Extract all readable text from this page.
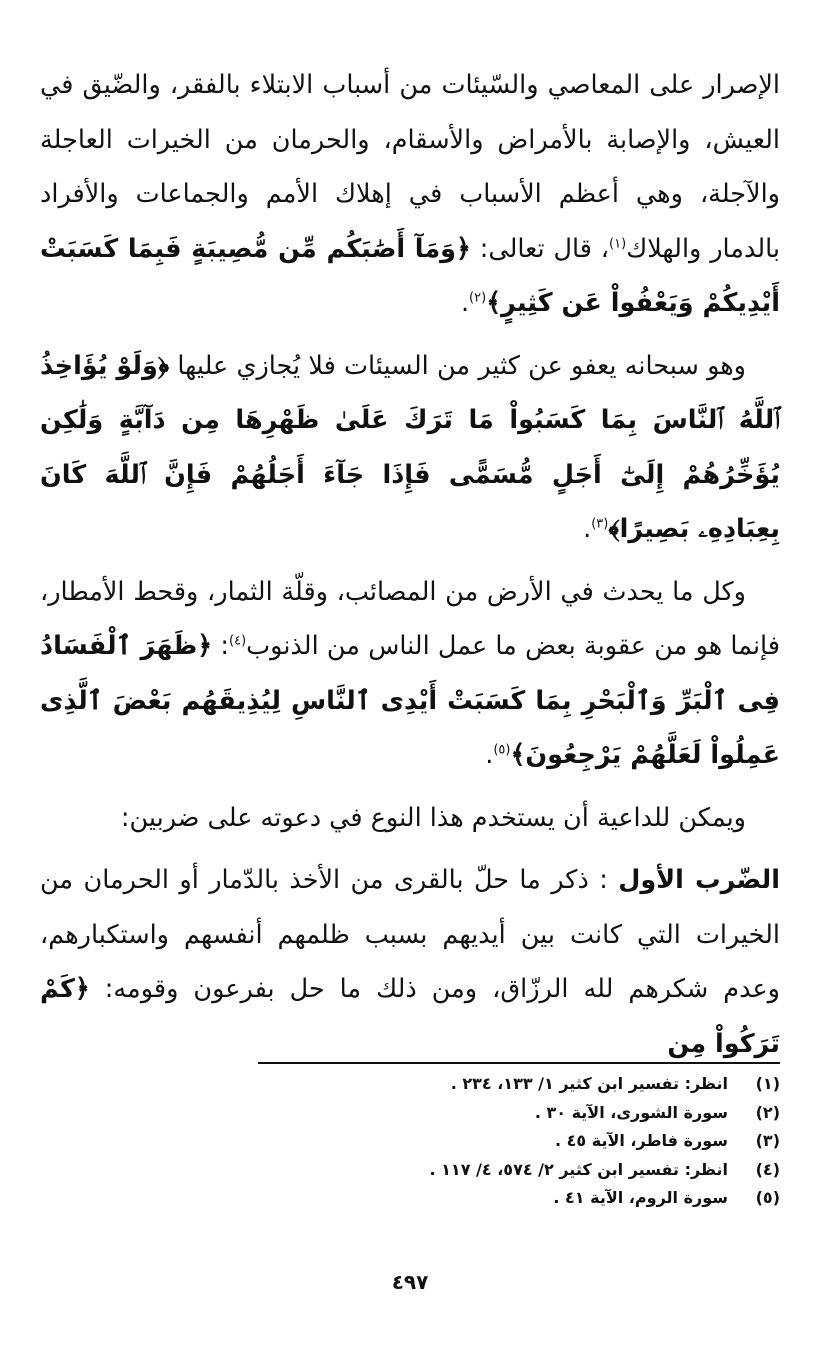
الإصرار على المعاصي والسّيئات من أسباب الابتلاء بالفقر، والضّيق في العيش، والإصابة بالأمراض والأسقام، والحرمان من الخيرات العاجلة والآجلة، وهي أعظم الأسباب في إهلاك الأمم والجماعات والأفراد بالدمار والهلاك$^{(١)}$، قال تعالى: ﴿وَمَآ أَصَٰبَكُم مِّن مُّصِيبَةٍ فَبِمَا كَسَبَتْ أَيْدِيكُمْ وَيَعْفُواْ عَن كَثِيرٍ﴾$^{(٢)}$.

وهو سبحانه يعفو عن كثير من السيئات فلا يُجازي عليها ﴿وَلَوْ يُؤَاخِذُ ٱللَّهُ ٱلنَّاسَ بِمَا كَسَبُواْ مَا تَرَكَ عَلَىٰ ظَهْرِهَا مِن دَآبَّةٍ وَلَٰكِن يُؤَخِّرُهُمْ إِلَىٰٓ أَجَلٍ مُّسَمًّى فَإِذَا جَآءَ أَجَلُهُمْ فَإِنَّ ٱللَّهَ كَانَ بِعِبَادِهِۦ بَصِيرًا﴾$^{(٣)}$.

وكل ما يحدث في الأرض من المصائب، وقلّة الثمار، وقحط الأمطار، فإنما هو من عقوبة بعض ما عمل الناس من الذنوب$^{(٤)}$: ﴿ظَهَرَ ٱلْفَسَادُ فِى ٱلْبَرِّ وَٱلْبَحْرِ بِمَا كَسَبَتْ أَيْدِى ٱلنَّاسِ لِيُذِيقَهُم بَعْضَ ٱلَّذِى عَمِلُواْ لَعَلَّهُمْ يَرْجِعُونَ﴾$^{(٥)}$.

ويمكن للداعية أن يستخدم هذا النوع في دعوته على ضربين:

الضّرب الأول : ذكر ما حلّ بالقرى من الأخذ بالدّمار أو الحرمان من الخيرات التي كانت بين أيديهم بسبب ظلمهم أنفسهم واستكبارهم، وعدم شكرهم لله الرزّاق، ومن ذلك ما حل بفرعون وقومه: ﴿كَمْ تَرَكُواْ مِن

(١)
انظر: تفسير ابن كثير ١/ ١٣٣، ٢٣٤ .
(٢)
سورة الشورى، الآية ٣٠ .
(٣)
سورة فاطر، الآية ٤٥ .
(٤)
انظر: تفسير ابن كثير ٢/ ٥٧٤، ٤/ ١١٧ .
(٥)
سورة الروم، الآية ٤١ .
٤٩٧
